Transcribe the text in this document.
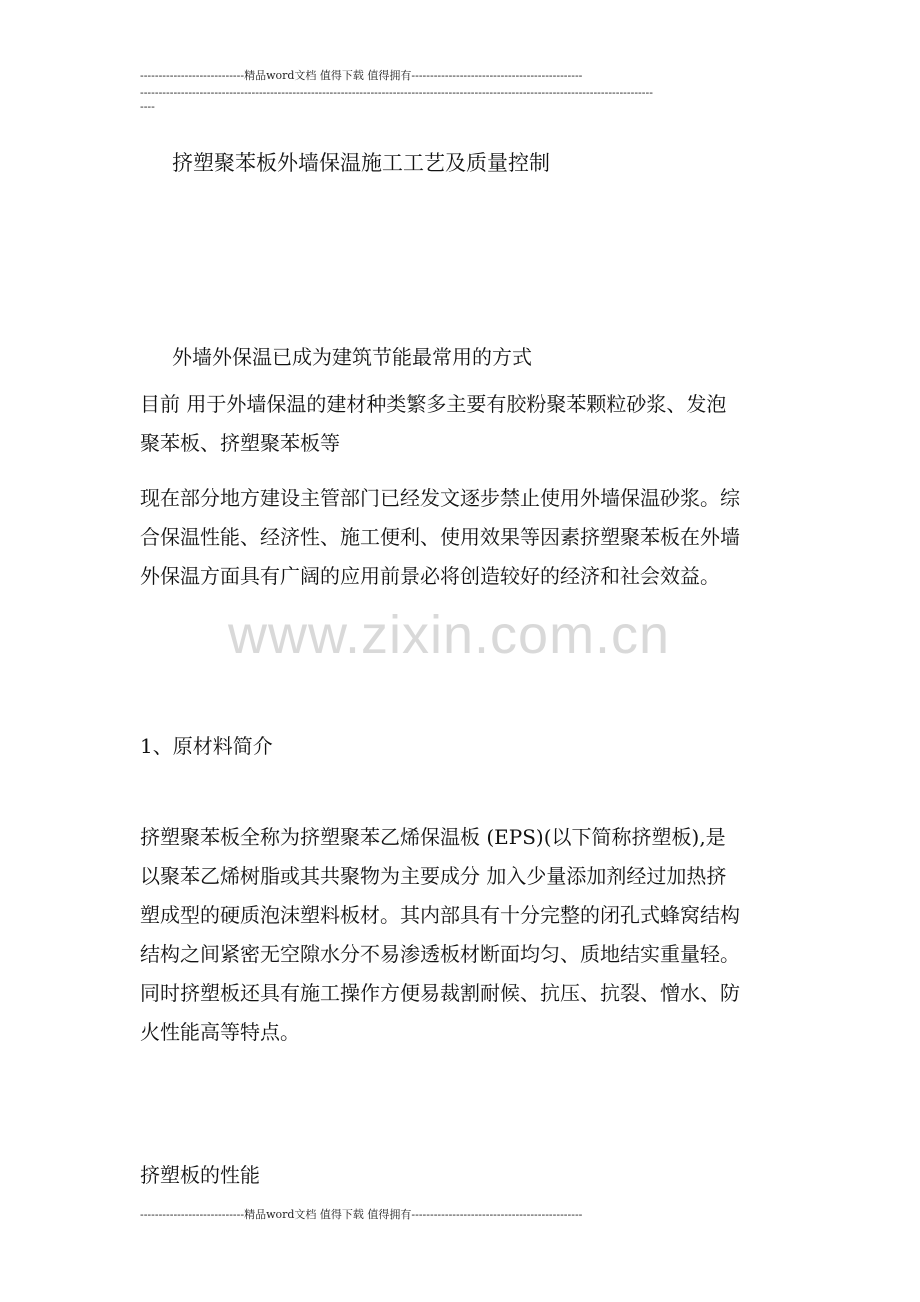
----------------------------精品word文档 值得下载 值得拥有----------------------------------------------
------------------------------------------------------------------------------------------------------------------------------------------
----
挤塑聚苯板外墙保温施工工艺及质量控制

外墙外保温已成为建筑节能最常用的方式

目前 用于外墙保温的建材种类繁多主要有胶粉聚苯颗粒砂浆、发泡
聚苯板、挤塑聚苯板等

现在部分地方建设主管部门已经发文逐步禁止使用外墙保温砂浆。综
合保温性能、经济性、施工便利、使用效果等因素挤塑聚苯板在外墙
外保温方面具有广阔的应用前景必将创造较好的经济和社会效益。

www.zixin.com.cn

1、原材料简介

挤塑聚苯板全称为挤塑聚苯乙烯保温板 (EPS)(以下简称挤塑板),是
以聚苯乙烯树脂或其共聚物为主要成分 加入少量添加剂经过加热挤
塑成型的硬质泡沫塑料板材。其内部具有十分完整的闭孔式蜂窝结构
结构之间紧密无空隙水分不易渗透板材断面均匀、质地结实重量轻。
同时挤塑板还具有施工操作方便易裁割耐候、抗压、抗裂、憎水、防
火性能高等特点。

挤塑板的性能

----------------------------精品word文档 值得下载 值得拥有----------------------------------------------
